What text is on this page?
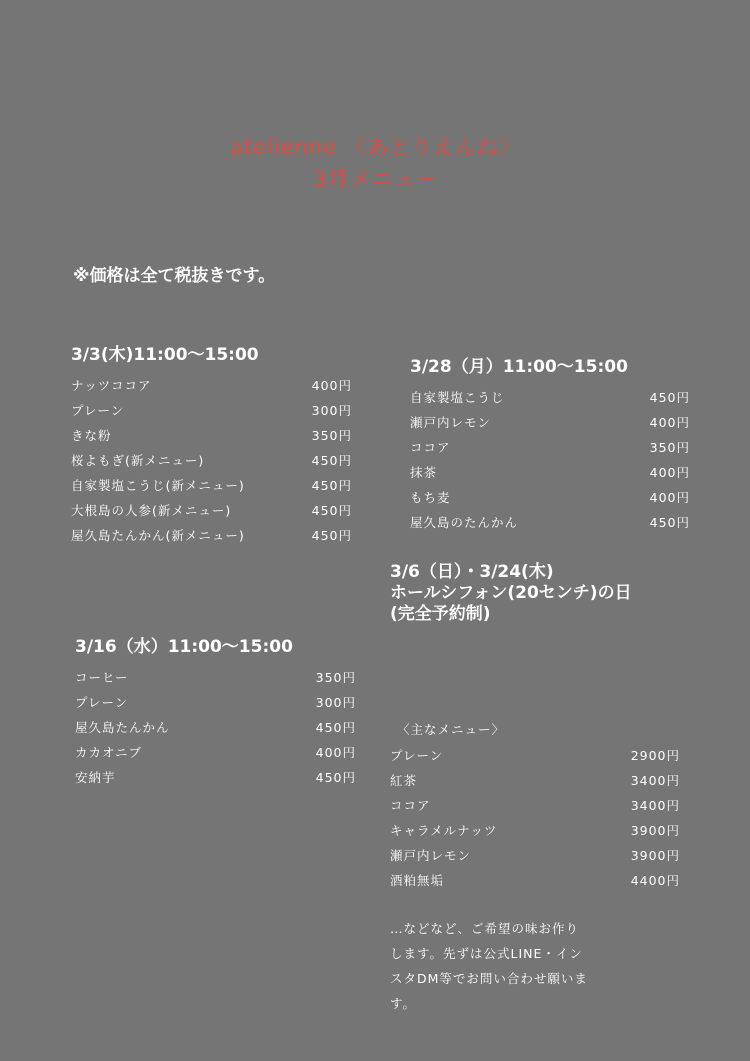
atelienne 〈あとりえんね〉
3月メニュー
※価格は全て税抜きです。
3/3(木)11:00〜15:00
ナッツココア	400円
プレーン	300円
きな粉	350円
桜よもぎ(新メニュー)	450円
自家製塩こうじ(新メニュー)	450円
大根島の人参(新メニュー)	450円
屋久島たんかん(新メニュー)	450円
3/28（月）11:00〜15:00
自家製塩こうじ	450円
瀬戸内レモン	400円
ココア	350円
抹茶	400円
もち麦	400円
屋久島のたんかん	450円
3/6（日）・3/24(木)
ホールシフォン(20センチ)の日
(完全予約制)
3/16（水）11:00〜15:00
コーヒー	350円
プレーン	300円
屋久島たんかん	450円
カカオニブ	400円
安納芋	450円
〈主なメニュー〉
プレーン	2900円
紅茶	3400円
ココア	3400円
キャラメルナッツ	3900円
瀬戸内レモン	3900円
酒粕無垢	4400円
…などなど、ご希望の味お作り
します。先ずは公式LINE・イン
スタDM等でお問い合わせ願いま
す。
